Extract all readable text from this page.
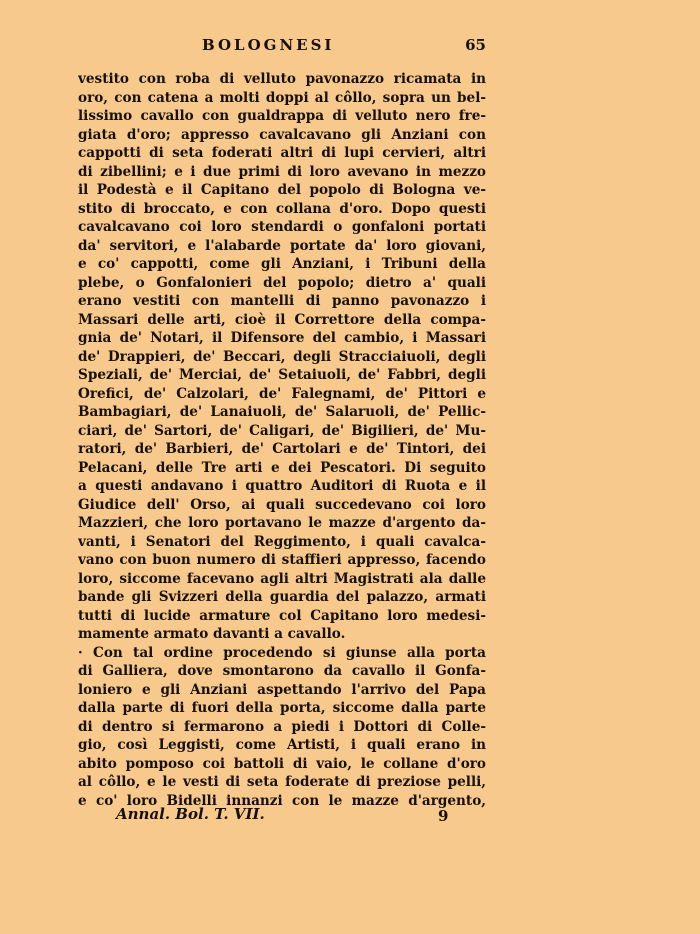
BOLOGNESI	65
vestito con roba di velluto pavonazzo ricamata in
oro, con catena a molti doppi al côllo, sopra un bel-
lissimo cavallo con gualdrappa di velluto nero fre-
giata d'oro; appresso cavalcavano gli Anziani con
cappotti di seta foderati altri di lupi cervieri, altri
di zibellini; e i due primi di loro avevano in mezzo
il Podestà e il Capitano del popolo di Bologna ve-
stito di broccato, e con collana d'oro. Dopo questi
cavalcavano coi loro stendardi o gonfaloni portati
da' servitori, e l'alabarde portate da' loro giovani,
e co' cappotti, come gli Anziani, i Tribuni della
plebe, o Gonfalonieri del popolo; dietro a' quali
erano vestiti con mantelli di panno pavonazzo i
Massari delle arti, cioè il Correttore della compa-
gnia de' Notari, il Difensore del cambio, i Massari
de' Drappieri, de' Beccari, degli Stracciaiuoli, degli
Speziali, de' Merciai, de' Setaiuoli, de' Fabbri, degli
Orefici, de' Calzolari, de' Falegnami, de' Pittori e
Bambagiari, de' Lanaiuoli, de' Salaruoli, de' Pellic-
ciari, de' Sartori, de' Caligari, de' Bigilieri, de' Mu-
ratori, de' Barbieri, de' Cartolari e de' Tintori, dei
Pelacani, delle Tre arti e dei Pescatori. Di seguito
a questi andavano i quattro Auditori di Ruota e il
Giudice dell' Orso, ai quali succedevano coi loro
Mazzieri, che loro portavano le mazze d'argento da-
vanti, i Senatori del Reggimento, i quali cavalca-
vano con buon numero di staffieri appresso, facendo
loro, siccome facevano agli altri Magistrati ala dalle
bande gli Svizzeri della guardia del palazzo, armati
tutti di lucide armature col Capitano loro medesi-
mamente armato davanti a cavallo.
· Con tal ordine procedendo si giunse alla porta
di Galliera, dove smontarono da cavallo il Gonfa-
loniero e gli Anziani aspettando l'arrivo del Papa
dalla parte di fuori della porta, siccome dalla parte
di dentro si fermarono a piedi i Dottori di Colle-
gio, così Leggisti, come Artisti, i quali erano in
abito pomposo coi battoli di vaio, le collane d'oro
al côllo, e le vesti di seta foderate di preziose pelli,
e co' loro Bidelli innanzi con le mazze d'argento,
Annal. Bol. T. VII.	9
